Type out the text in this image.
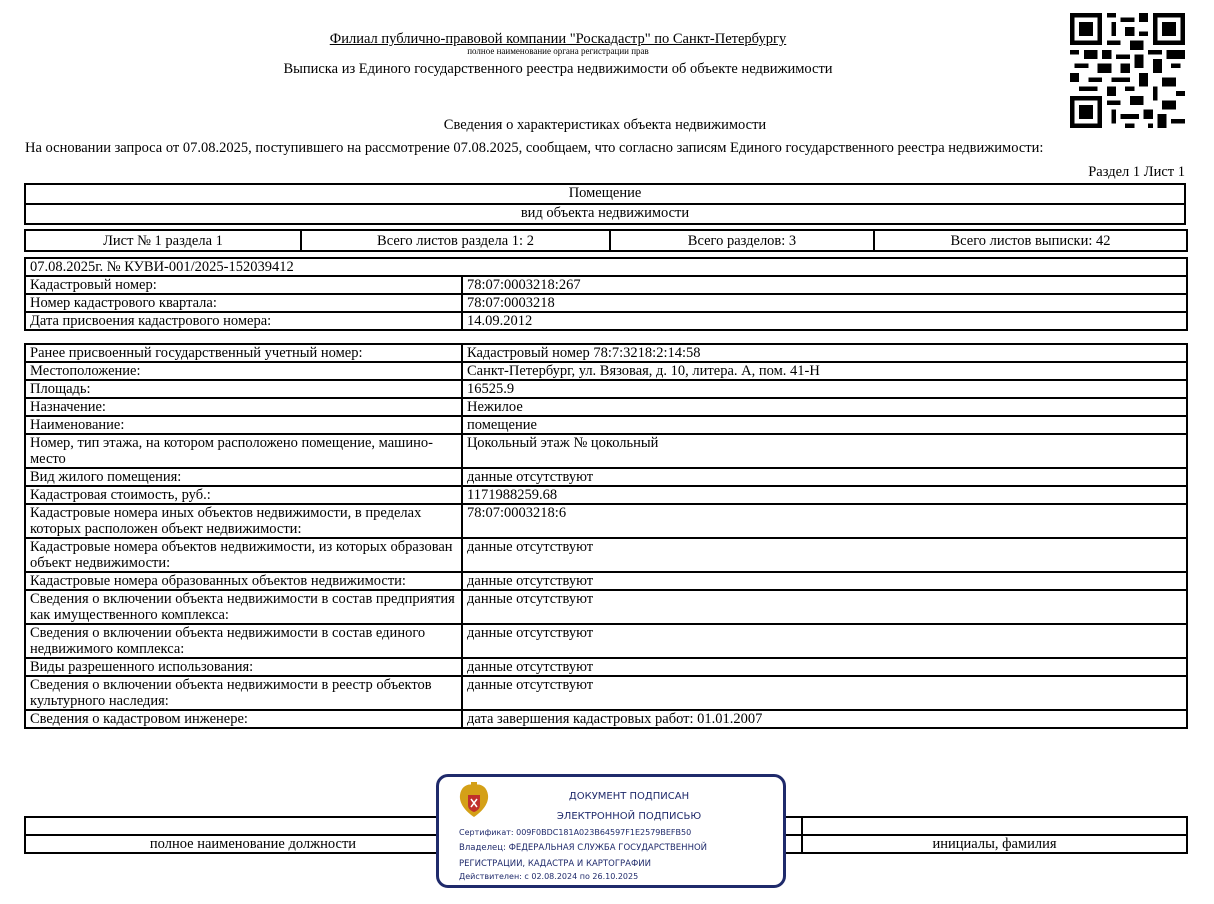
Филиал публично-правовой компании "Роскадастр" по Санкт-Петербургу
полное наименование органа регистрации прав
Выписка из Единого государственного реестра недвижимости об объекте недвижимости
Сведения о характеристиках объекта недвижимости
На основании запроса от 07.08.2025, поступившего на рассмотрение 07.08.2025, сообщаем, что согласно записям Единого государственного реестра недвижимости:
Раздел 1 Лист 1
Помещение
вид объекта недвижимости
Лист № 1 раздела 1	Всего листов раздела 1: 2	Всего разделов: 3	Всего листов выписки: 42
07.08.2025г. № КУВИ-001/2025-152039412	
Кадастровый номер:	78:07:0003218:267
Номер кадастрового квартала:	78:07:0003218
Дата присвоения кадастрового номера:	14.09.2012
Ранее присвоенный государственный учетный номер:	Кадастровый номер 78:7:3218:2:14:58
Местоположение:	Санкт-Петербург, ул. Вязовая, д. 10, литера. А, пом. 41-Н
Площадь:	16525.9
Назначение:	Нежилое
Наименование:	помещение
Номер, тип этажа, на котором расположено помещение, машино-место	Цокольный этаж № цокольный
Вид жилого помещения:	данные отсутствуют
Кадастровая стоимость, руб.:	1171988259.68
Кадастровые номера иных объектов недвижимости, в пределах которых расположен объект недвижимости:	78:07:0003218:6
Кадастровые номера объектов недвижимости, из которых образован объект недвижимости:	данные отсутствуют
Кадастровые номера образованных объектов недвижимости:	данные отсутствуют
Сведения о включении объекта недвижимости в состав предприятия как имущественного комплекса:	данные отсутствуют
Сведения о включении объекта недвижимости в состав единого недвижимого комплекса:	данные отсутствуют
Виды разрешенного использования:	данные отсутствуют
Сведения о включении объекта недвижимости в реестр объектов культурного наследия:	данные отсутствуют
Сведения о кадастровом инженере:	дата завершения кадастровых работ: 01.01.2007

полное наименование должности		инициалы, фамилия
ДОКУМЕНТ ПОДПИСАН
ЭЛЕКТРОННОЙ ПОДПИСЬЮ
Сертификат: 009F0BDC181A023B64597F1E2579BEFB50
Владелец: ФЕДЕРАЛЬНАЯ СЛУЖБА ГОСУДАРСТВЕННОЙ
РЕГИСТРАЦИИ, КАДАСТРА И КАРТОГРАФИИ
Действителен: с 02.08.2024 по 26.10.2025
